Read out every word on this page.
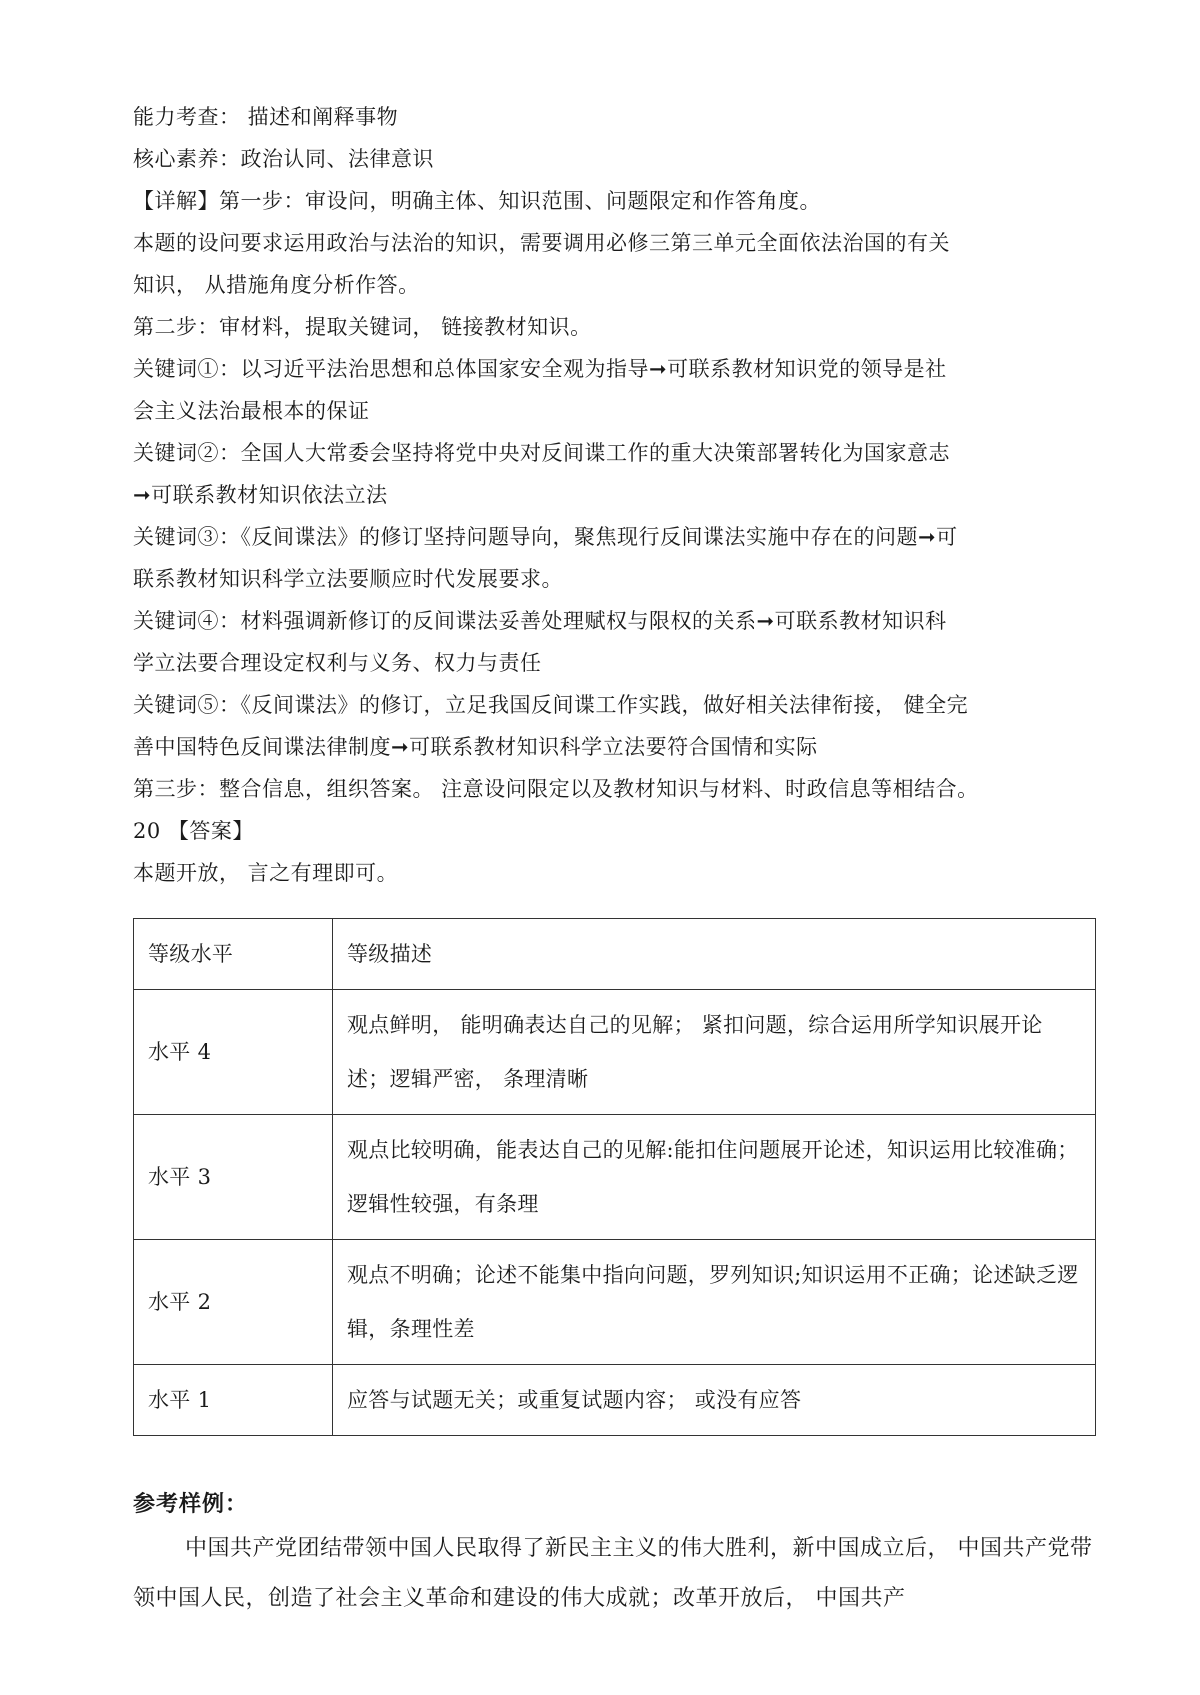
能力考查： 描述和阐释事物

核心素养：政治认同、法律意识

【详解】第一步：审设问，明确主体、知识范围、问题限定和作答角度。

本题的设问要求运用政治与法治的知识，需要调用必修三第三单元全面依法治国的有关

知识， 从措施角度分析作答。

第二步：审材料，提取关键词， 链接教材知识。

关键词①：以习近平法治思想和总体国家安全观为指导➞可联系教材知识党的领导是社

会主义法治最根本的保证

关键词②：全国人大常委会坚持将党中央对反间谍工作的重大决策部署转化为国家意志

➞可联系教材知识依法立法

关键词③：《反间谍法》的修订坚持问题导向，聚焦现行反间谍法实施中存在的问题➞可

联系教材知识科学立法要顺应时代发展要求。

关键词④：材料强调新修订的反间谍法妥善处理赋权与限权的关系➞可联系教材知识科

学立法要合理设定权利与义务、权力与责任

关键词⑤：《反间谍法》的修订，立足我国反间谍工作实践，做好相关法律衔接， 健全完

善中国特色反间谍法律制度➞可联系教材知识科学立法要符合国情和实际

第三步：整合信息，组织答案。 注意设问限定以及教材知识与材料、时政信息等相结合。

20 【答案】

本题开放， 言之有理即可。

等级水平	等级描述
水平 4	观点鲜明， 能明确表达自己的见解； 紧扣问题，综合运用所学知识展开论述；逻辑严密， 条理清晰
水平 3	观点比较明确，能表达自己的见解:能扣住问题展开论述，知识运用比较准确；逻辑性较强，有条理
水平 2	观点不明确；论述不能集中指向问题，罗列知识;知识运用不正确；论述缺乏逻辑，条理性差
水平 1	应答与试题无关；或重复试题内容； 或没有应答

参考样例：

中国共产党团结带领中国人民取得了新民主主义的伟大胜利，新中国成立后， 中国共产党带领中国人民，创造了社会主义革命和建设的伟大成就；改革开放后， 中国共产
